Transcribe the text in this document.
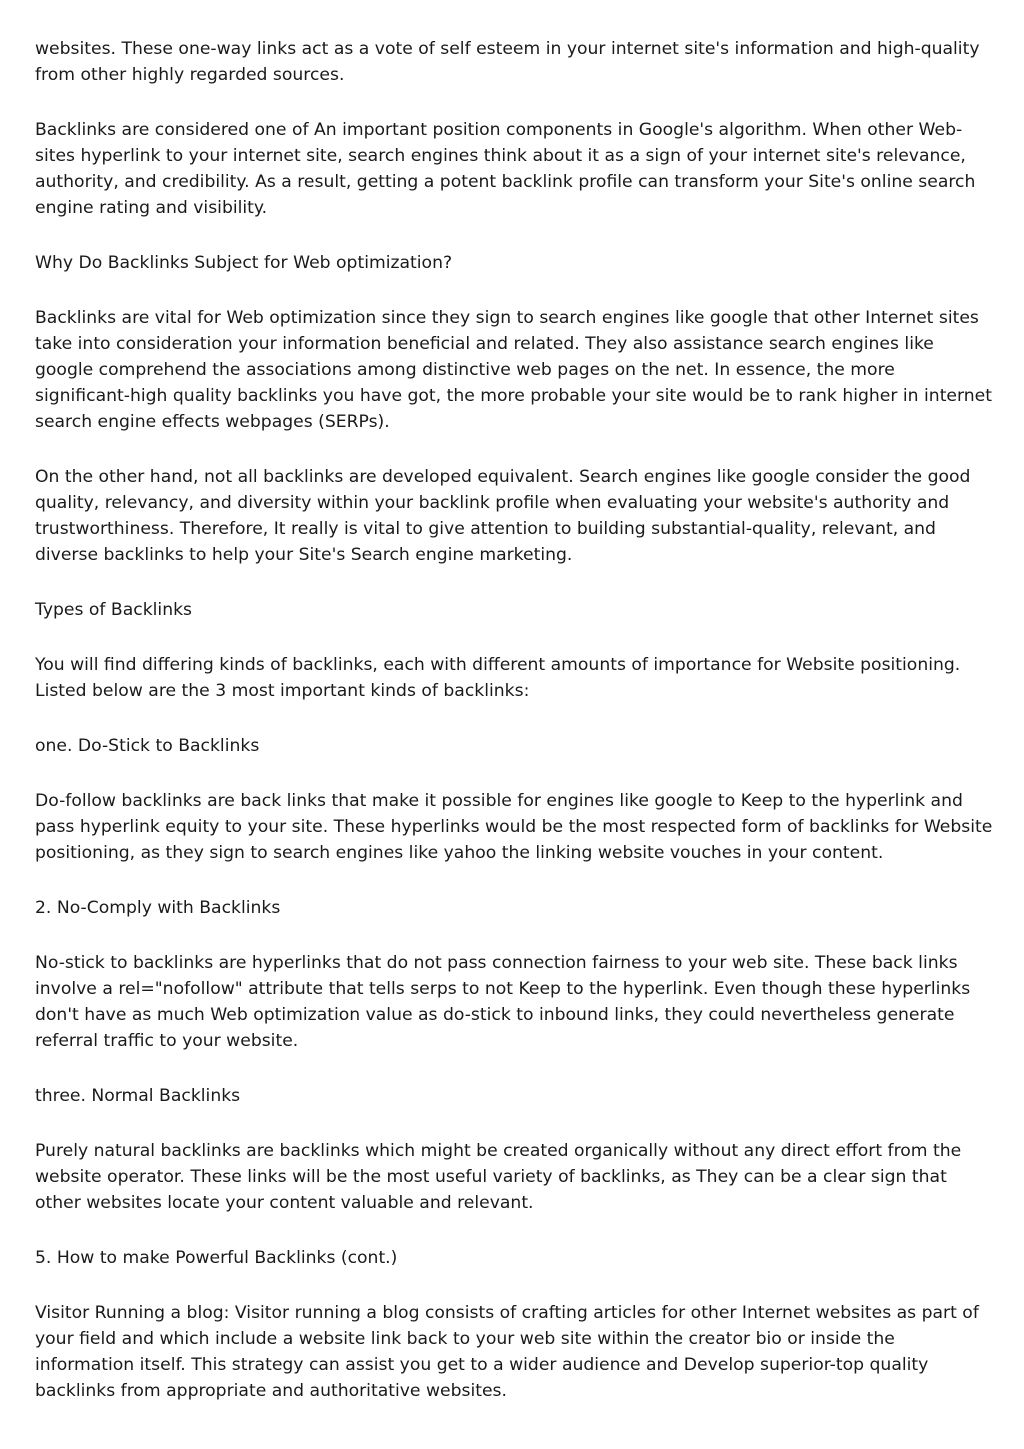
websites. These one-way links act as a vote of self esteem in your internet site's information and high-quality from other highly regarded sources.

Backlinks are considered one of An important position components in Google's algorithm. When other Web-sites hyperlink to your internet site, search engines think about it as a sign of your internet site's relevance, authority, and credibility. As a result, getting a potent backlink profile can transform your Site's online search engine rating and visibility.

Why Do Backlinks Subject for Web optimization?

Backlinks are vital for Web optimization since they sign to search engines like google that other Internet sites take into consideration your information beneficial and related. They also assistance search engines like google comprehend the associations among distinctive web pages on the net. In essence, the more significant-high quality backlinks you have got, the more probable your site would be to rank higher in internet search engine effects webpages (SERPs).

On the other hand, not all backlinks are developed equivalent. Search engines like google consider the good quality, relevancy, and diversity within your backlink profile when evaluating your website's authority and trustworthiness. Therefore, It really is vital to give attention to building substantial-quality, relevant, and diverse backlinks to help your Site's Search engine marketing.

Types of Backlinks

You will find differing kinds of backlinks, each with different amounts of importance for Website positioning. Listed below are the 3 most important kinds of backlinks:

one. Do-Stick to Backlinks

Do-follow backlinks are back links that make it possible for engines like google to Keep to the hyperlink and pass hyperlink equity to your site. These hyperlinks would be the most respected form of backlinks for Website positioning, as they sign to search engines like yahoo the linking website vouches in your content.

2. No-Comply with Backlinks

No-stick to backlinks are hyperlinks that do not pass connection fairness to your web site. These back links involve a rel="nofollow" attribute that tells serps to not Keep to the hyperlink. Even though these hyperlinks don't have as much Web optimization value as do-stick to inbound links, they could nevertheless generate referral traffic to your website.

three. Normal Backlinks

Purely natural backlinks are backlinks which might be created organically without any direct effort from the website operator. These links will be the most useful variety of backlinks, as They can be a clear sign that other websites locate your content valuable and relevant.

5. How to make Powerful Backlinks (cont.)

Visitor Running a blog: Visitor running a blog consists of crafting articles for other Internet websites as part of your field and which include a website link back to your web site within the creator bio or inside the information itself. This strategy can assist you get to a wider audience and Develop superior-top quality backlinks from appropriate and authoritative websites.
